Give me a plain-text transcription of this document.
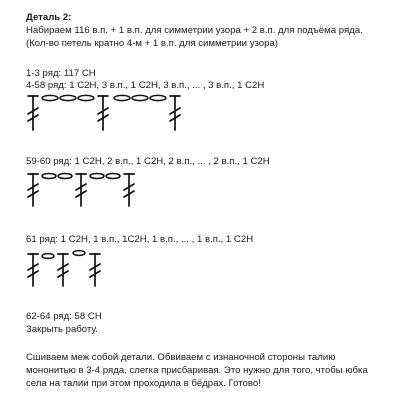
Деталь 2:
Набираем 116 в.п. + 1 в.п. для симметрии узора + 2 в.п. для подъёма ряда.
(Кол-во петель кратно 4-м + 1 в.п. для симметрии узора)
1-3 ряд: 117 СН
4-58 ряд: 1 С2Н, 3 в.п., 1 С2Н, 3 в.п., ... , 3 в.п., 1 С2Н
59-60 ряд: 1 С2Н, 2 в.п., 1 С2Н, 2 в.п., ... , 2 в.п., 1 С2Н
61 ряд: 1 С2Н, 1 в.п., 1С2Н, 1 в.п., ... , 1 в.п., 1 С2Н
62-64 ряд: 58 СН
Закрыть работу.
Сшиваем меж собой детали. Обвиваем с изнаночной стороны талию
мононитью в 3-4 ряда, слегка присбаривая. Это нужно для того, чтобы юбка
села на талии при этом проходила в бёдрах. Готово!
